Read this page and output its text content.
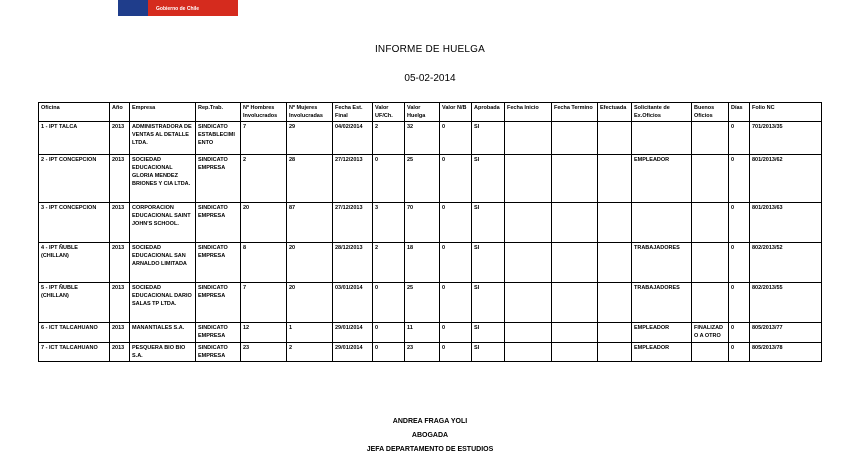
Gobierno de Chile
INFORME DE HUELGA
05-02-2014
Oficina	Año	Empresa	Rep.Trab.	Nº Hombres Involucrados	Nº Mujeres Involucradas	Fecha Est. Final	Valor UF/Ch.	Valor Huelga	Valor N/B	Aprobada	Fecha Inicio	Fecha Termino	Efectuada	Solicitante de Ex.Oficios	Buenos Oficios	Días	Folio NC
1 - IPT TALCA	2013	ADMINISTRADORA DE VENTAS AL DETALLE LTDA.	SINDICATO ESTABLECIMIENTO	7	29	04/02/2014	2	32	0	SI						0	701/2013/35
2 - IPT CONCEPCION	2013	SOCIEDAD EDUCACIONAL GLORIA MENDEZ BRIONES Y CIA LTDA.	SINDICATO EMPRESA	2	28	27/12/2013	0	25	0	SI				EMPLEADOR		0	801/2013/62
3 - IPT CONCEPCION	2013	CORPORACION EDUCACIONAL SAINT JOHN'S SCHOOL.	SINDICATO EMPRESA	20	87	27/12/2013	3	70	0	SI						0	801/2013/63
4 - IPT ÑUBLE (CHILLAN)	2013	SOCIEDAD EDUCACIONAL SAN ARNALDO LIMITADA	SINDICATO EMPRESA	8	20	28/12/2013	2	18	0	SI				TRABAJADORES		0	802/2013/52
5 - IPT ÑUBLE (CHILLAN)	2013	SOCIEDAD EDUCACIONAL DARIO SALAS TP LTDA.	SINDICATO EMPRESA	7	20	03/01/2014	0	25	0	SI				TRABAJADORES		0	802/2013/55
6 - ICT TALCAHUANO	2013	MANANTIALES S.A.	SINDICATO EMPRESA	12	1	29/01/2014	0	11	0	SI				EMPLEADOR	FINALIZADO A OTRO	0	805/2013/77
7 - ICT TALCAHUANO	2013	PESQUERA BIO BIO S.A.	SINDICATO EMPRESA	23	2	29/01/2014	0	23	0	SI				EMPLEADOR		0	805/2013/78
ANDREA FRAGA YOLI
ABOGADA
JEFA DEPARTAMENTO DE ESTUDIOS
